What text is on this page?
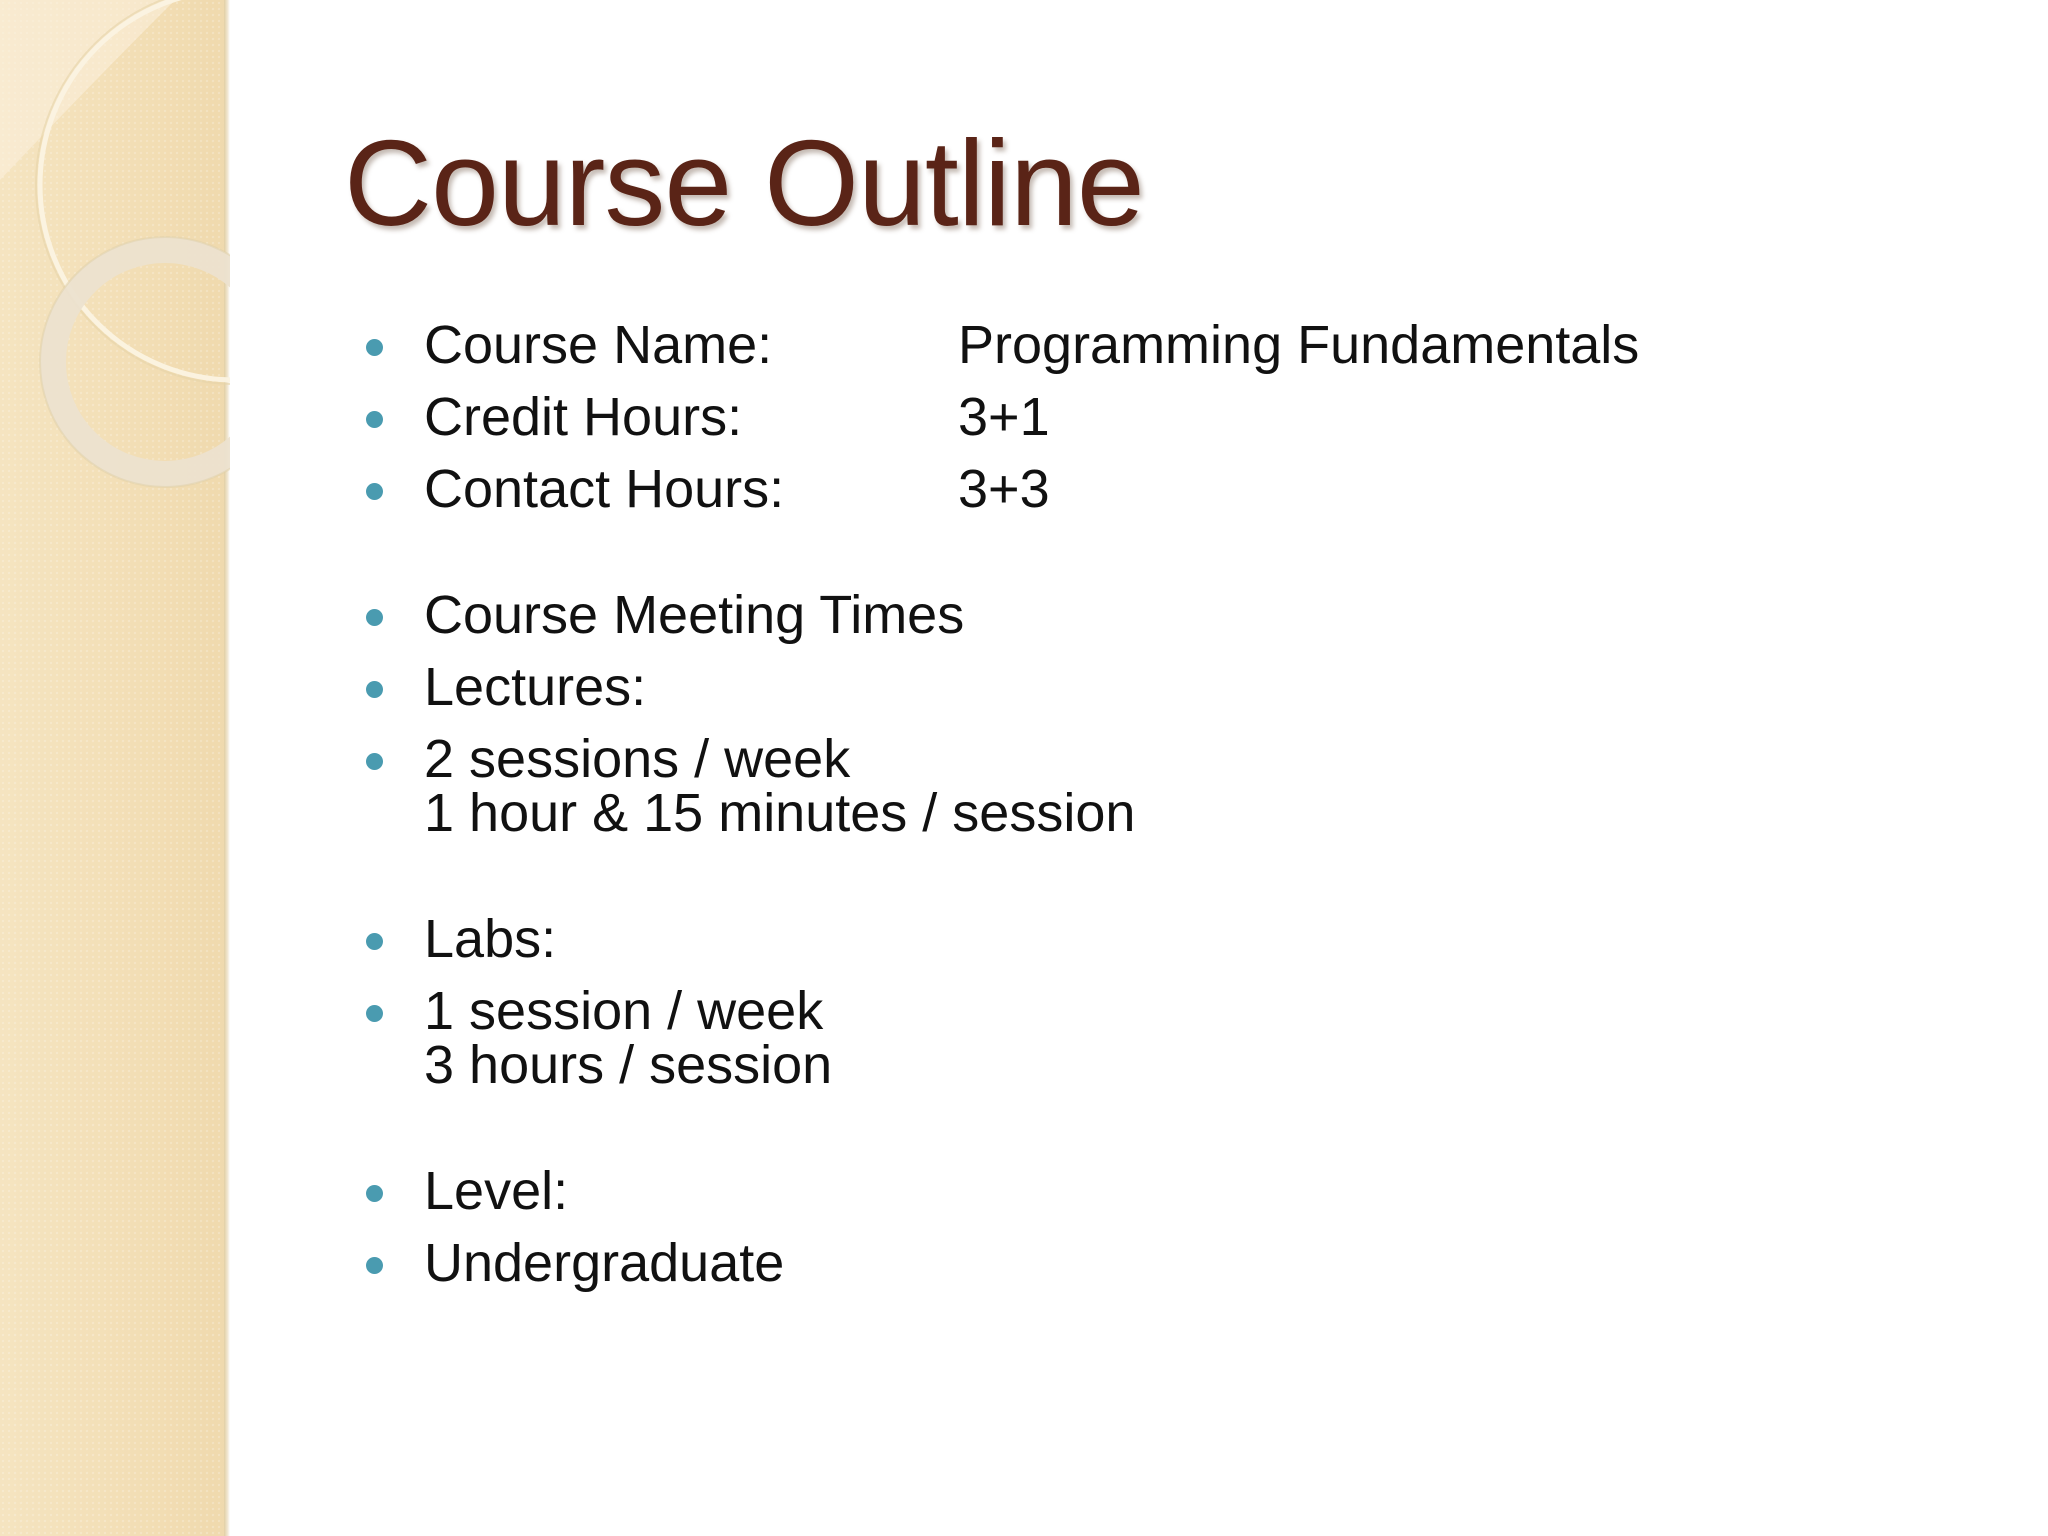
Course Outline
Course Name:	Programming Fundamentals
Credit Hours:	3+1
Contact Hours:	3+3
Course Meeting Times
Lectures:
2 sessions / week
1 hour & 15 minutes / session
Labs:
1 session / week
3 hours / session
Level:
Undergraduate
